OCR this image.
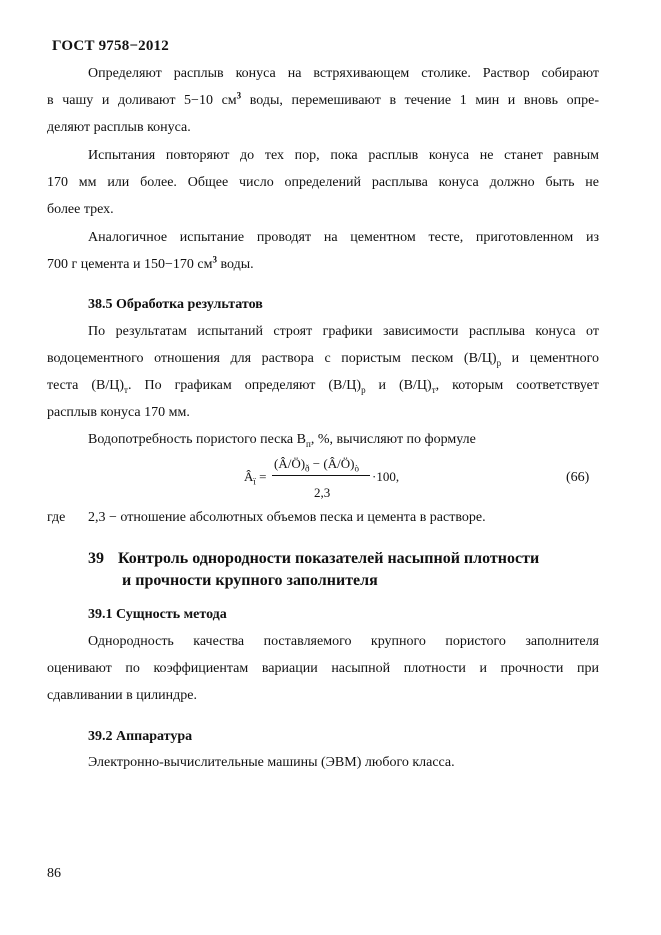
ГОСТ 9758−2012
Определяют расплыв конуса на встряхивающем столике. Раствор собирают
в чашу и доливают 5−10 $см^3$ воды, перемешивают в течение 1 мин и вновь опре-
деляют расплыв конуса.
Испытания повторяют до тех пор, пока расплыв конуса не станет равным
170 мм или более. Общее число определений расплыва конуса должно быть не
более трех.
Аналогичное испытание проводят на цементном тесте, приготовленном из
700 г цемента и 150−170 $см^3$ воды.
38.5 Обработка результатов
По результатам испытаний строят графики зависимости расплыва конуса от
водоцементного отношения для раствора с пористым песком $(В/Ц)_р$ и цементного
теста $(В/Ц)_т$. По графикам определяют $(В/Ц)_р$ и $(В/Ц)_т$, которым соответствует
расплыв конуса 170 мм.
Водопотребность пористого песка $В_п$, %, вычисляют по формуле
$Â_ï$ =
$(Â/Ö)_ð$ − $(Â/Ö)_ò$
2,3
·100,	(66)
где 2,3 − отношение абсолютных объемов песка и цемента в растворе.
39 Контроль однородности показателей насыпной плотности
и прочности крупного заполнителя
39.1 Сущность метода
Однородность качества поставляемого крупного пористого заполнителя
оценивают по коэффициентам вариации насыпной плотности и прочности при
сдавливании в цилиндре.
39.2 Аппаратура
Электронно-вычислительные машины (ЭВМ) любого класса.
86
